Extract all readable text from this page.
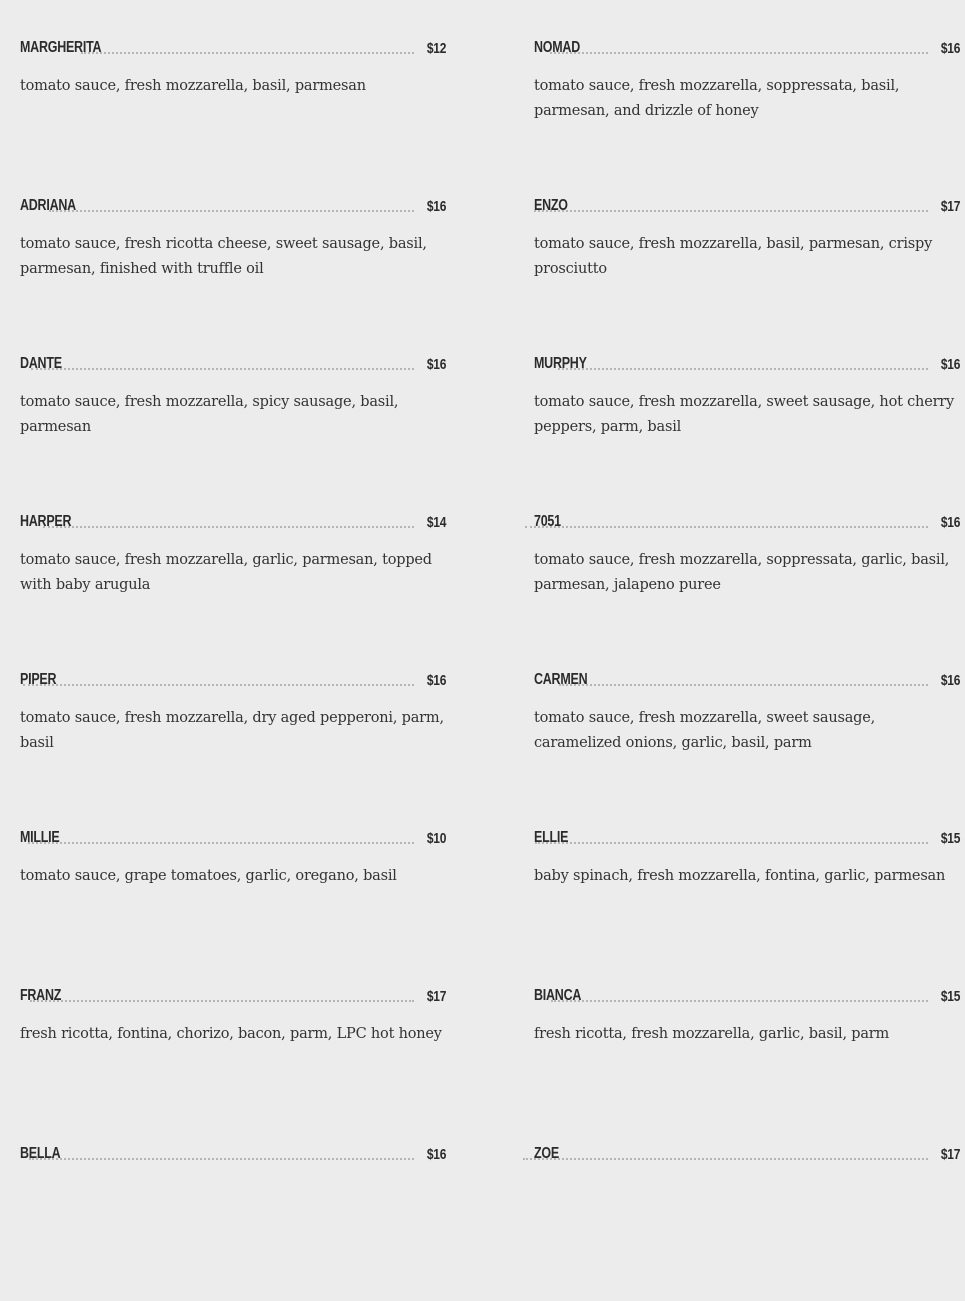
MARGHERITA	$12
tomato sauce, fresh mozzarella, basil, parmesan
NOMAD	$16
tomato sauce, fresh mozzarella, soppressata, basil, parmesan, and drizzle of honey
ADRIANA	$16
tomato sauce, fresh ricotta cheese, sweet sausage, basil, parmesan, finished with truffle oil
ENZO	$17
tomato sauce, fresh mozzarella, basil, parmesan, crispy prosciutto
DANTE	$16
tomato sauce, fresh mozzarella, spicy sausage, basil, parmesan
MURPHY	$16
tomato sauce, fresh mozzarella, sweet sausage, hot cherry peppers, parm, basil
HARPER	$14
tomato sauce, fresh mozzarella, garlic, parmesan, topped with baby arugula
7051	$16
tomato sauce, fresh mozzarella, soppressata, garlic, basil, parmesan, jalapeno puree
PIPER	$16
tomato sauce, fresh mozzarella, dry aged pepperoni, parm, basil
CARMEN	$16
tomato sauce, fresh mozzarella, sweet sausage, caramelized onions, garlic, basil, parm
MILLIE	$10
tomato sauce, grape tomatoes, garlic, oregano, basil
ELLIE	$15
baby spinach, fresh mozzarella, fontina, garlic, parmesan
FRANZ	$17
fresh ricotta, fontina, chorizo, bacon, parm, LPC hot honey
BIANCA	$15
fresh ricotta, fresh mozzarella, garlic, basil, parm
BELLA	$16	ZOE	$17
